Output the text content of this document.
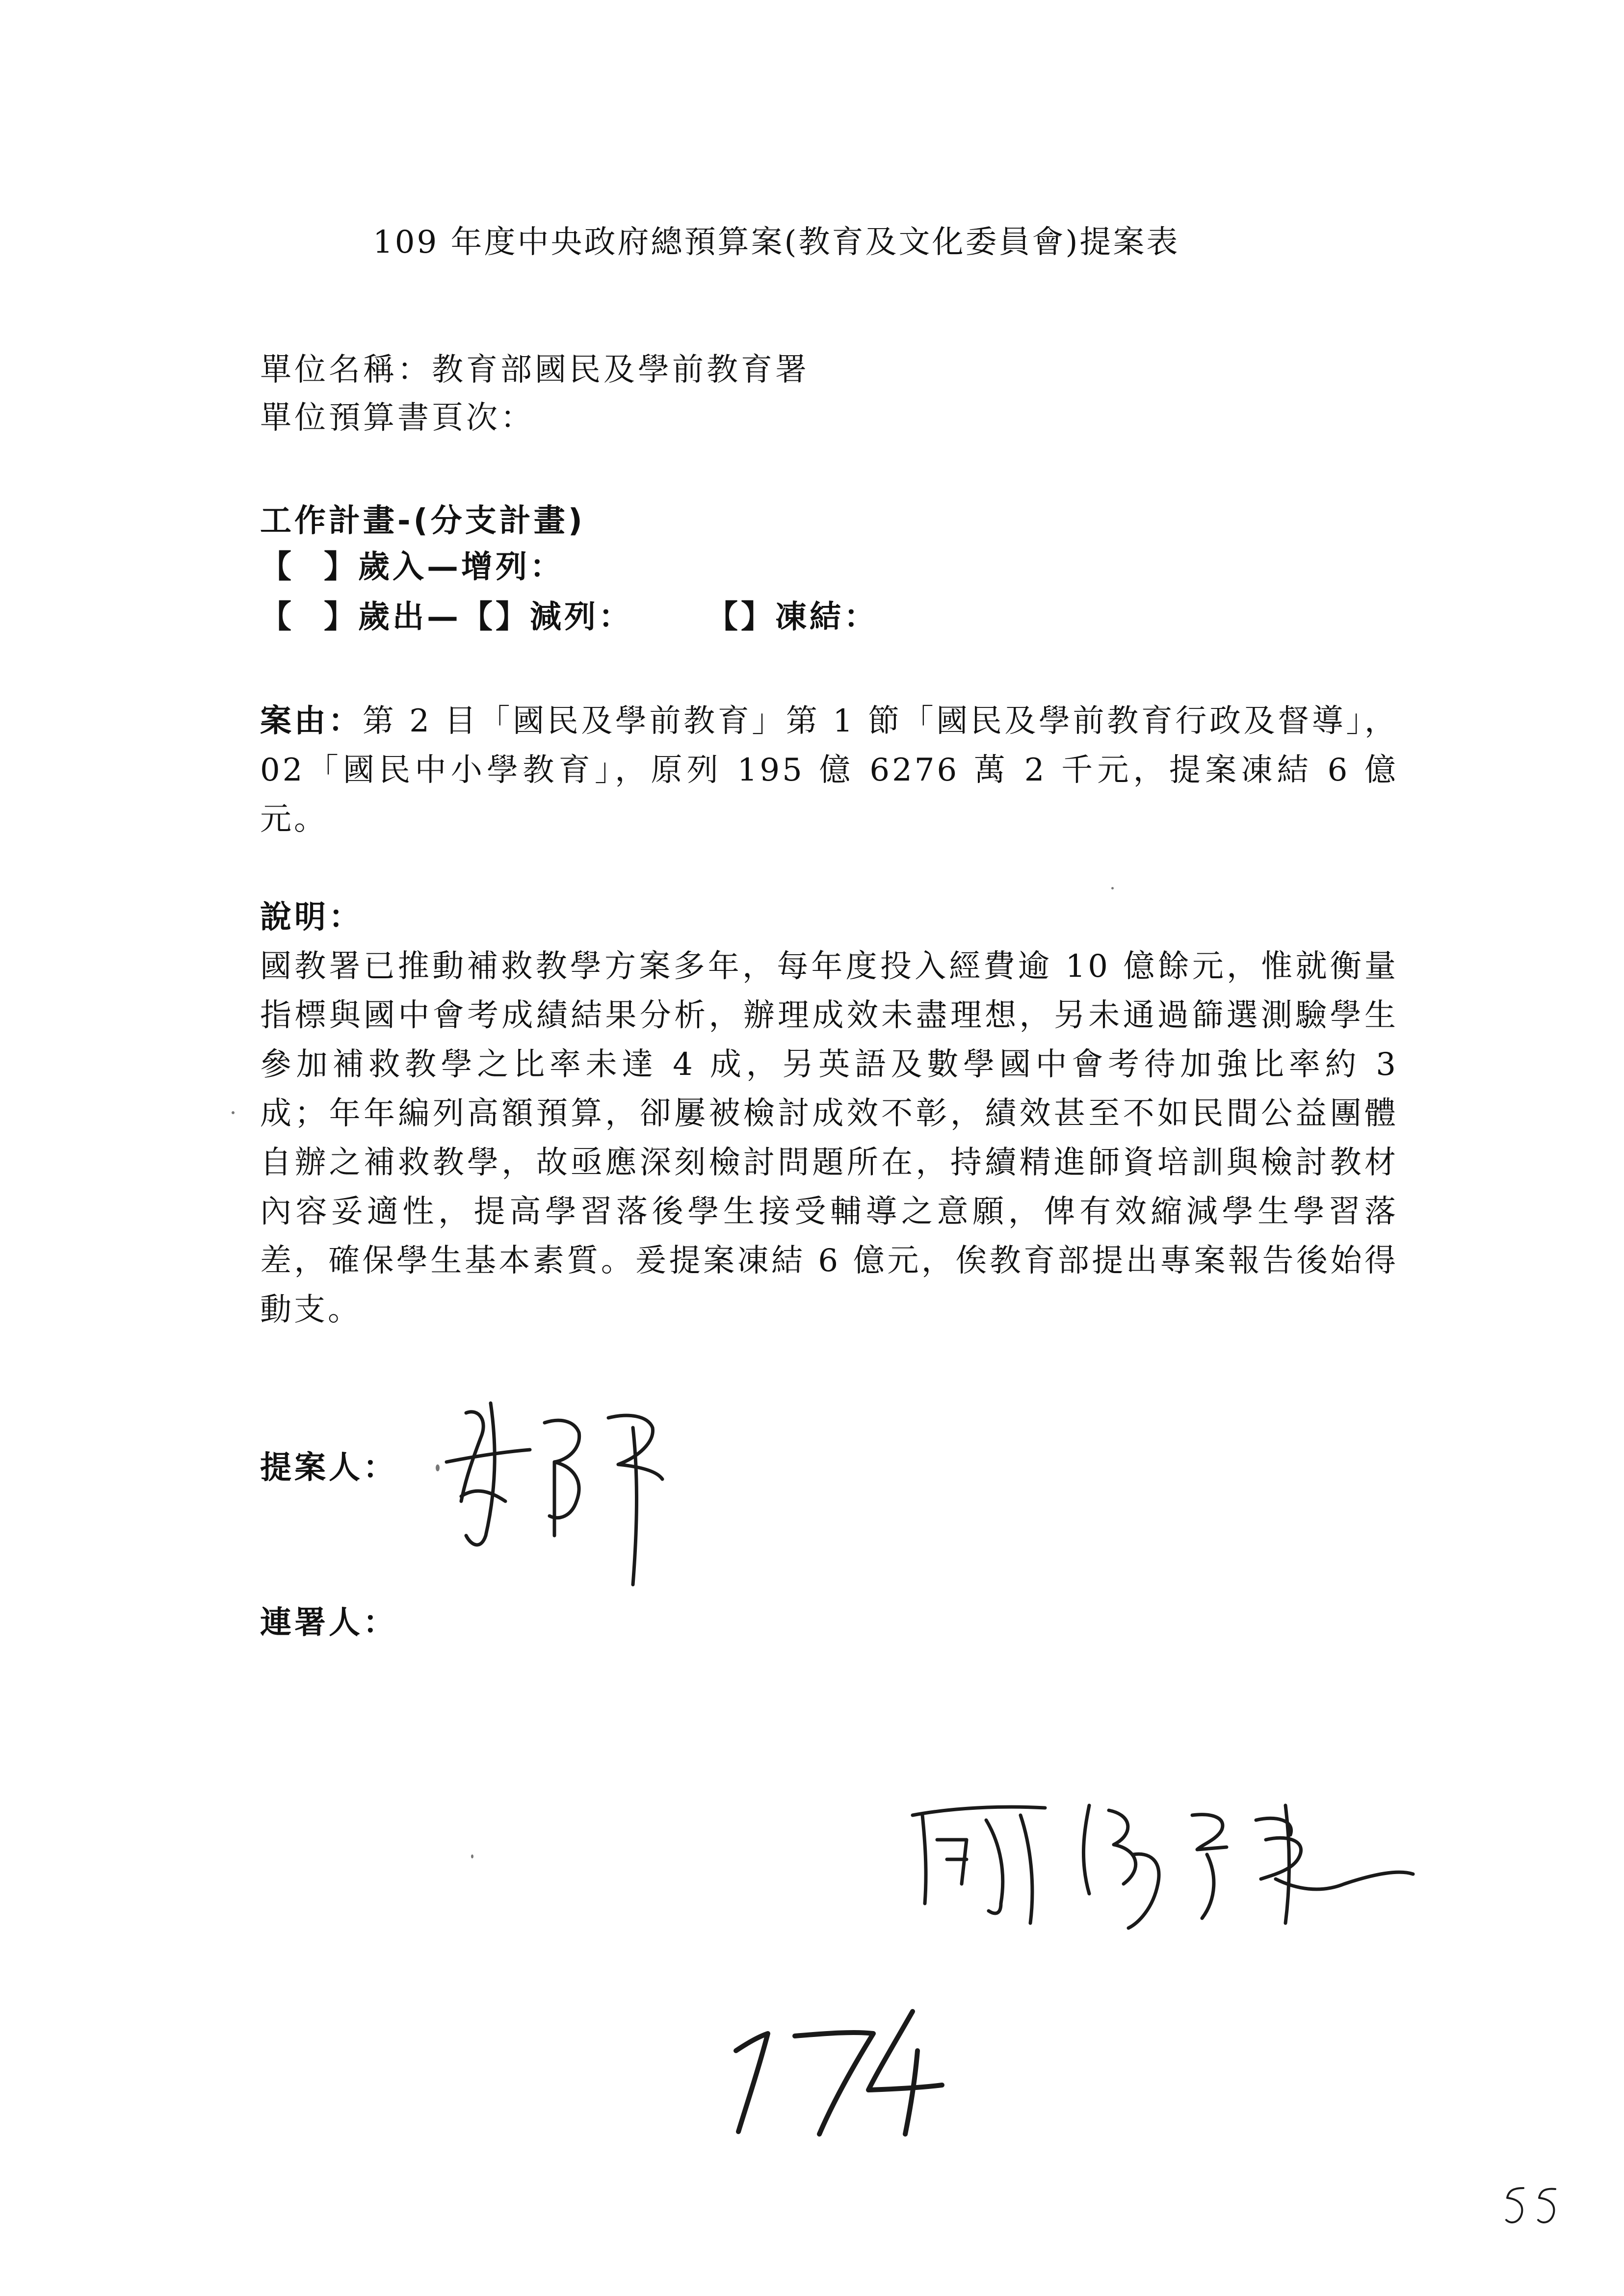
109 年度中央政府總預算案(教育及文化委員會)提案表
單位名稱：教育部國民及學前教育署
單位預算書頁次：
工作計畫-(分支計畫)
【 】歲入—增列：
【 】歲出—【】減列： 【】凍結：
案由：第 2 目「國民及學前教育」第 1 節「國民及學前教育行政及督導」，02「國民中小學教育」，原列 195 億 6276 萬 2 千元，提案凍結 6 億元。
說明：
國教署已推動補救教學方案多年，每年度投入經費逾 10 億餘元，惟就衡量指標與國中會考成績結果分析，辦理成效未盡理想，另未通過篩選測驗學生參加補救教學之比率未達 4 成，另英語及數學國中會考待加強比率約 3 成；年年編列高額預算，卻屢被檢討成效不彰，績效甚至不如民間公益團體自辦之補救教學，故亟應深刻檢討問題所在，持續精進師資培訓與檢討教材內容妥適性，提高學習落後學生接受輔導之意願，俾有效縮減學生學習落差，確保學生基本素質。爰提案凍結 6 億元，俟教育部提出專案報告後始得動支。
提案人：
連署人：
